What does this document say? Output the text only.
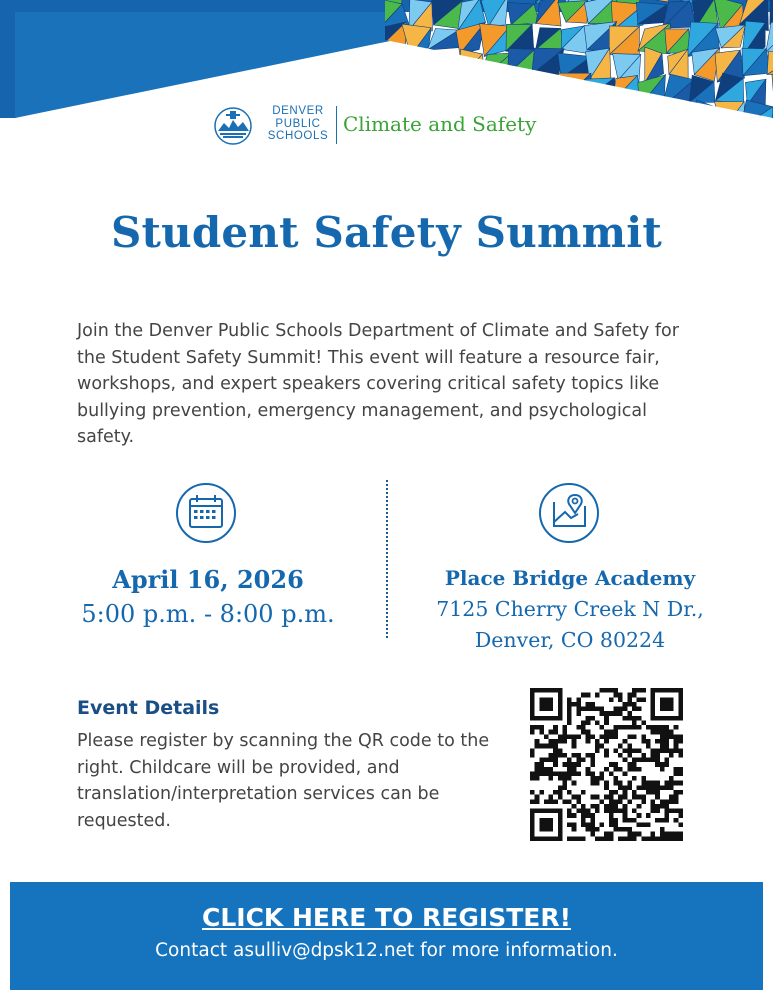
DENVER
PUBLIC
SCHOOLS Climate and Safety
Student Safety Summit

Join the Denver Public Schools Department of Climate and Safety for the Student Safety Summit! This event will feature a resource fair, workshops, and expert speakers covering critical safety topics like bullying prevention, emergency management, and psychological safety.

April 16, 2026
5:00 p.m. - 8:00 p.m.
Place Bridge Academy
7125 Cherry Creek N Dr., Denver, CO 80224
Event Details

Please register by scanning the QR code to the right. Childcare will be provided, and translation/interpretation services can be requested.

CLICK HERE TO REGISTER!
Contact asulliv@dpsk12.net for more information.
